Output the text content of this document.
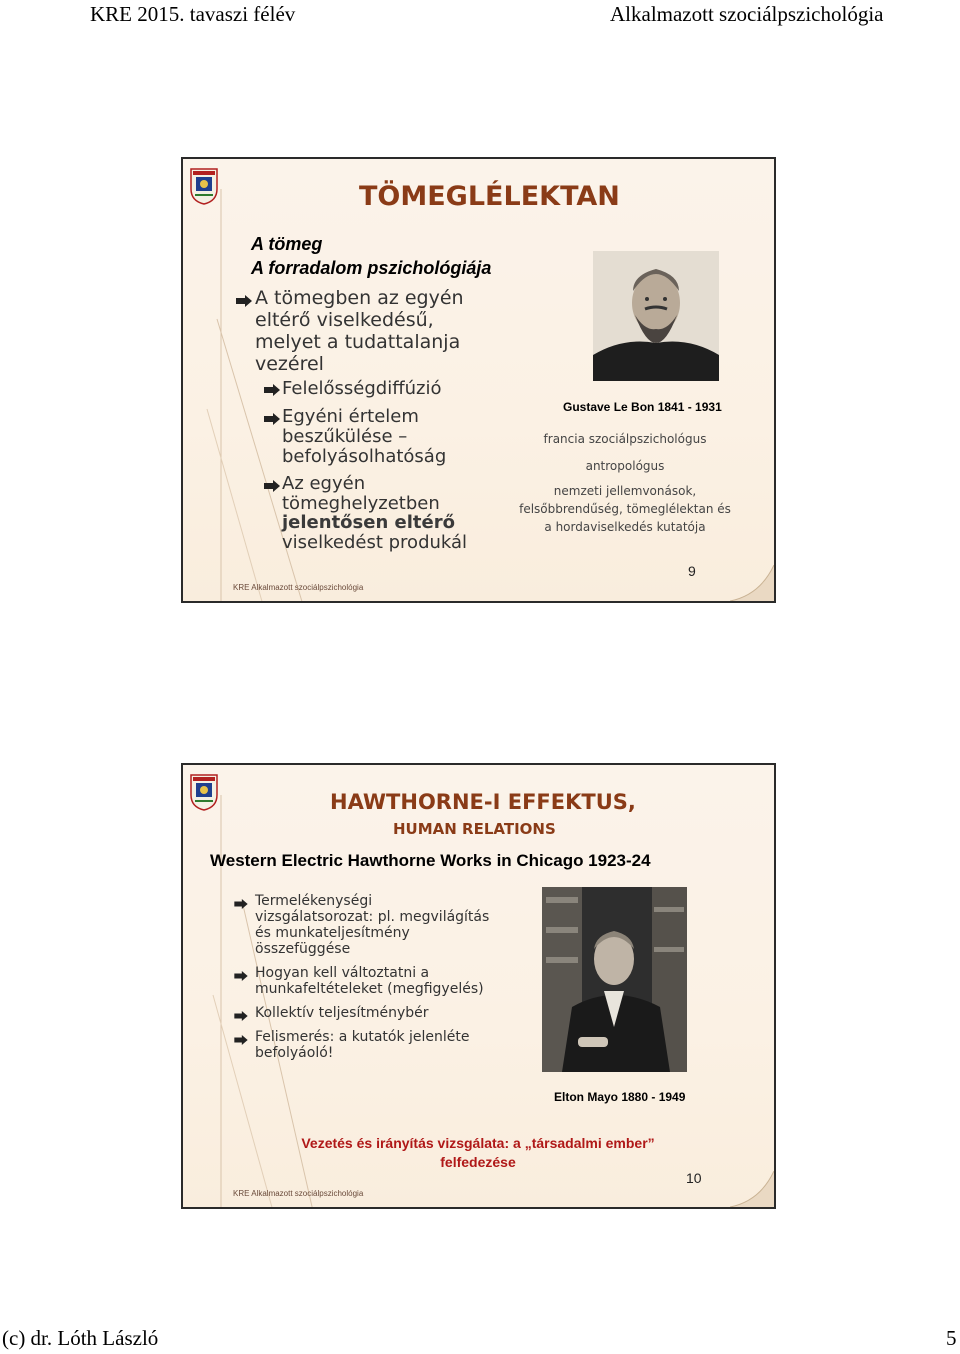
KRE 2015. tavaszi félév	Alkalmazott szociálpszichológia
TÖMEGLÉLEKTAN
A tömeg
A forradalom pszichológiája
A tömegben az egyén
eltérő viselkedésű,
melyet a tudattalanja
vezérel
Felelősségdiffúzió
Egyéni értelem
beszűkülése –
befolyásolhatóság
Az egyén
tömeghelyzetben
jelentősen eltérő
viselkedést produkál
Gustave Le Bon 1841 - 1931
francia szociálpszichológus
antropológus
nemzeti jellemvonások,
felsőbbrendűség, tömeglélektan és
a hordaviselkedés kutatója
KRE Alkalmazott szociálpszichológia
9
HAWTHORNE-I EFFEKTUS,
HUMAN RELATIONS
Western Electric Hawthorne Works in Chicago 1923-24
Termelékenységi
vizsgálatsorozat: pl. megvilágítás
és munkateljesítmény
összefüggése
Hogyan kell változtatni a
munkafeltételeket (megfigyelés)
Kollektív teljesítménybér
Felismerés: a kutatók jelenléte
befolyáoló!
Elton Mayo 1880 - 1949
Vezetés és irányítás vizsgálata: a „társadalmi ember”
felfedezése
KRE Alkalmazott szociálpszichológia
10
(c) dr. Lóth László	5
